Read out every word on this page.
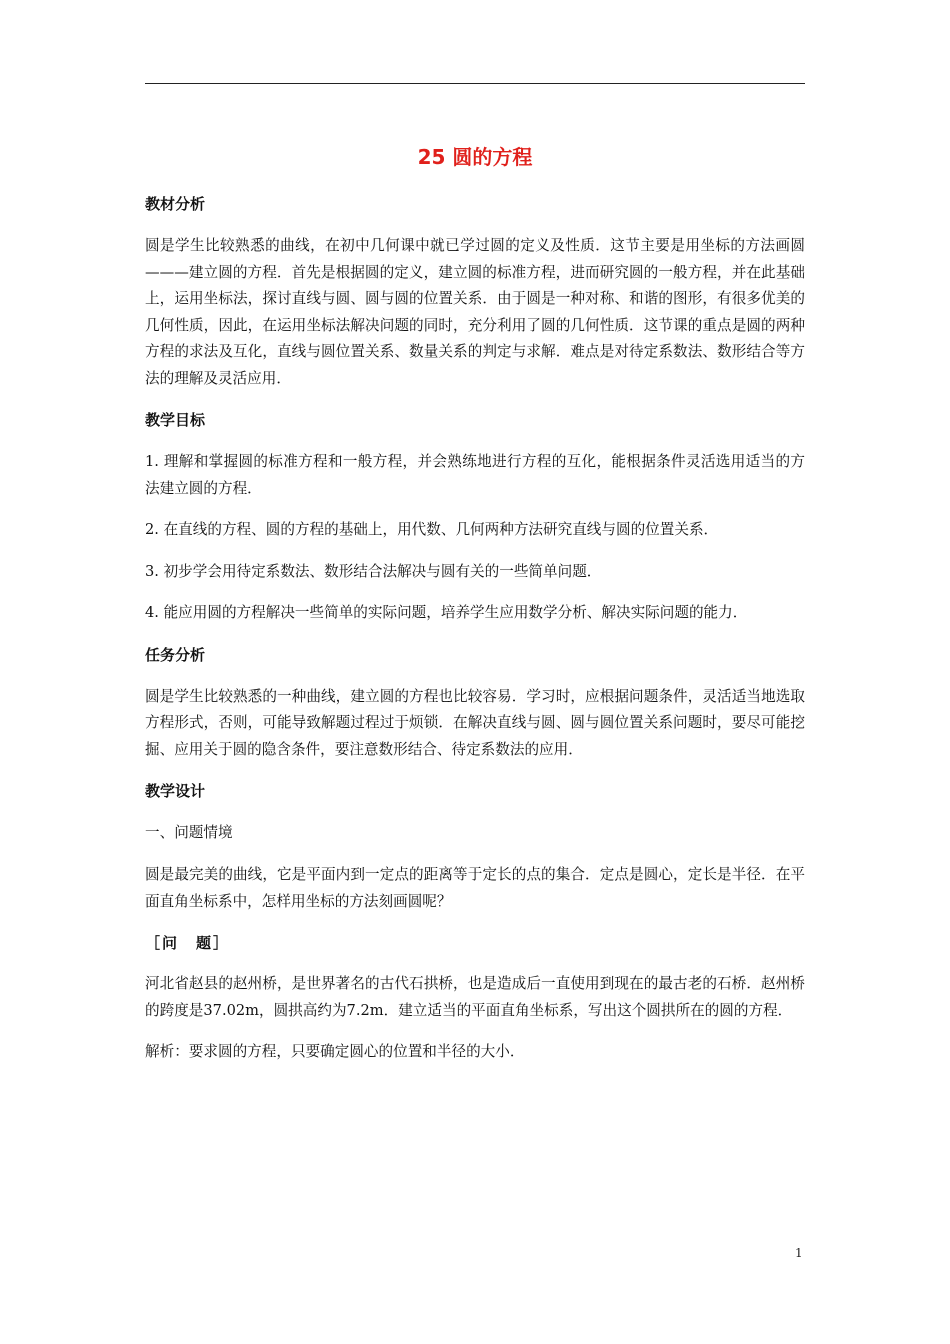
25 圆的方程
教材分析
圆是学生比较熟悉的曲线，在初中几何课中就已学过圆的定义及性质．这节主要是用坐标的方法画圆———建立圆的方程．首先是根据圆的定义，建立圆的标准方程，进而研究圆的一般方程，并在此基础上，运用坐标法，探讨直线与圆、圆与圆的位置关系．由于圆是一种对称、和谐的图形，有很多优美的几何性质，因此，在运用坐标法解决问题的同时，充分利用了圆的几何性质．这节课的重点是圆的两种方程的求法及互化，直线与圆位置关系、数量关系的判定与求解．难点是对待定系数法、数形结合等方法的理解及灵活应用．
教学目标
1. 理解和掌握圆的标准方程和一般方程，并会熟练地进行方程的互化，能根据条件灵活选用适当的方法建立圆的方程．
2. 在直线的方程、圆的方程的基础上，用代数、几何两种方法研究直线与圆的位置关系．
3. 初步学会用待定系数法、数形结合法解决与圆有关的一些简单问题．
4. 能应用圆的方程解决一些简单的实际问题，培养学生应用数学分析、解决实际问题的能力．
任务分析
圆是学生比较熟悉的一种曲线，建立圆的方程也比较容易．学习时，应根据问题条件，灵活适当地选取方程形式，否则，可能导致解题过程过于烦锁．在解决直线与圆、圆与圆位置关系问题时，要尽可能挖掘、应用关于圆的隐含条件，要注意数形结合、待定系数法的应用．
教学设计
一、问题情境
圆是最完美的曲线，它是平面内到一定点的距离等于定长的点的集合．定点是圆心，定长是半径．在平面直角坐标系中，怎样用坐标的方法刻画圆呢？
［问　题］
河北省赵县的赵州桥，是世界著名的古代石拱桥，也是造成后一直使用到现在的最古老的石桥．赵州桥的跨度是37.02m，圆拱高约为7.2m．建立适当的平面直角坐标系，写出这个圆拱所在的圆的方程．
解析：要求圆的方程，只要确定圆心的位置和半径的大小．
1
